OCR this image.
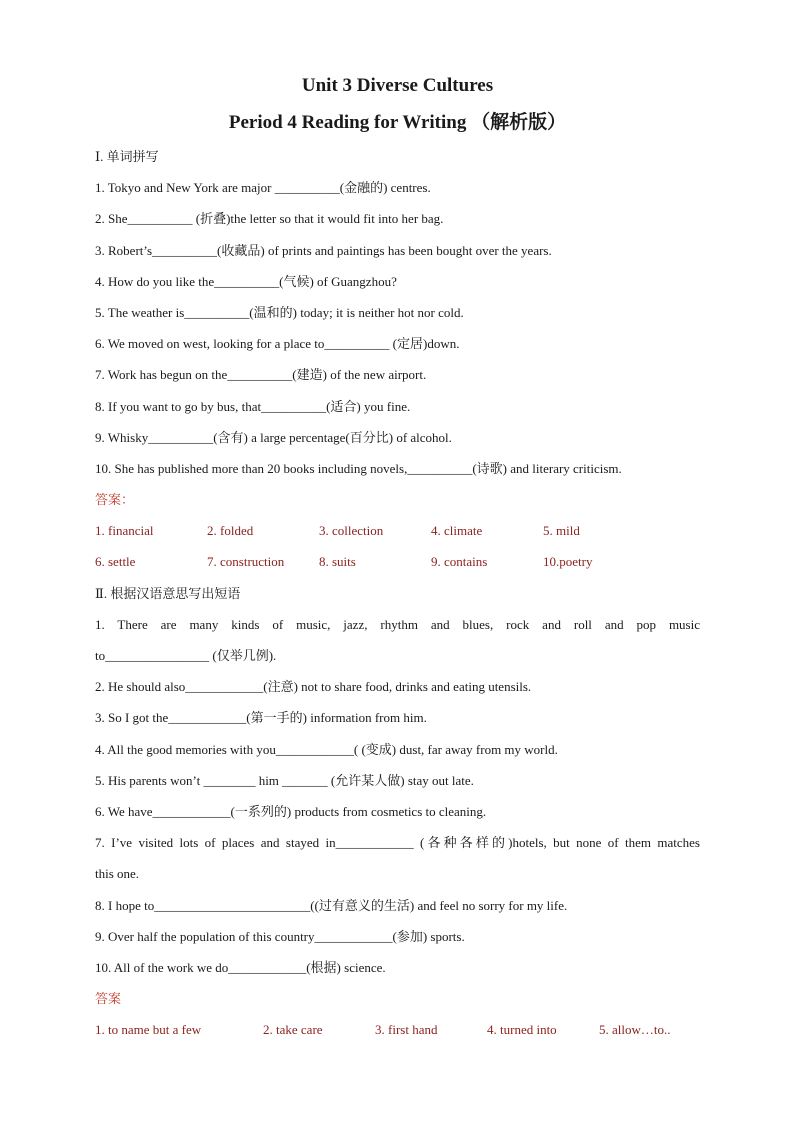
Unit 3 Diverse Cultures
Period 4 Reading for Writing （解析版）
Ⅰ. 单词拼写
1. Tokyo and New York are major __________(金融的) centres.
2. She__________ (折叠)the letter so that it would fit into her bag.
3. Robert’s__________(收藏品) of prints and paintings has been bought over the years.
4. How do you like the__________(气候) of Guangzhou?
5. The weather is__________(温和的) today; it is neither hot nor cold.
6. We moved on west, looking for a place to__________ (定居)down.
7. Work has begun on the__________(建造) of the new airport.
8. If you want to go by bus, that__________(适合) you fine.
9. Whisky__________(含有) a large percentage(百分比) of alcohol.
10. She has published more than 20 books including novels,__________(诗歌) and literary criticism.
答案：
1. financial	2. folded	3. collection	4. climate	5. mild
6. settle	7. construction	8. suits	9. contains	10.poetry
Ⅱ. 根据汉语意思写出短语
1. There are many kinds of music, jazz, rhythm and blues, rock and roll and pop music
to________________ (仅举几例).
2. He should also____________(注意) not to share food, drinks and eating utensils.
3. So I got the____________(第一手的) information from him.
4. All the good memories with you____________( (变成) dust, far away from my world.
5. His parents won’t ________ him _______ (允许某人做) stay out late.
6. We have____________(一系列的) products from cosmetics to cleaning.
7. I’ve visited lots of places and stayed in____________ (各种各样的)hotels, but none of them matches
this one.
8. I hope to________________________((过有意义的生活) and feel no sorry for my life.
9. Over half the population of this country____________(参加) sports.
10. All of the work we do____________(根据) science.
答案
1. to name but a few	2. take care	3. first hand	4. turned into	5. allow…to..
